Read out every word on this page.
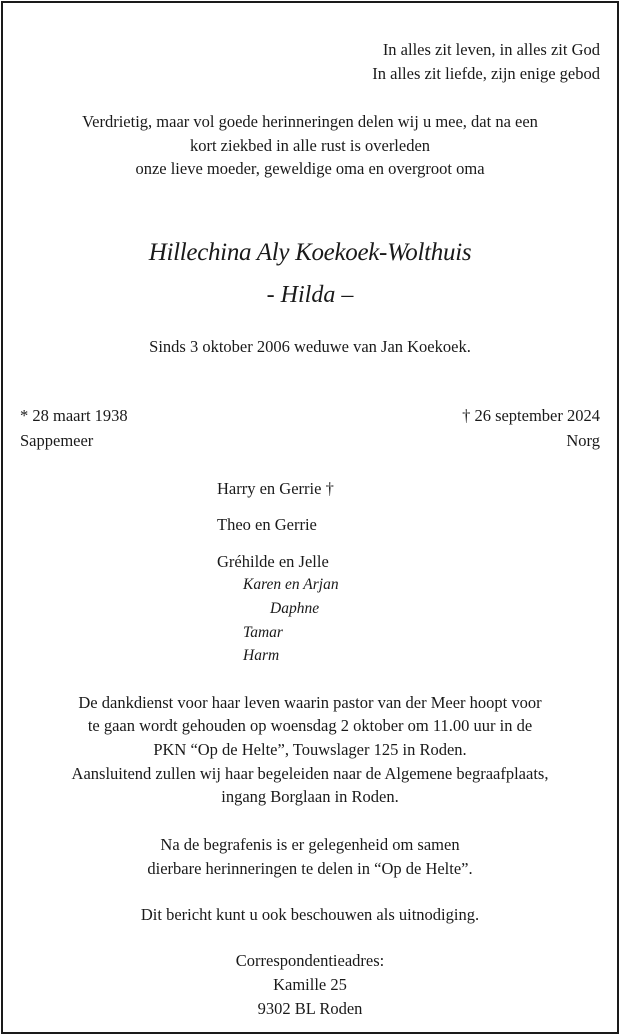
In alles zit leven, in alles zit God
In alles zit liefde, zijn enige gebod
Verdrietig, maar vol goede herinneringen delen wij u mee, dat na een
kort ziekbed in alle rust is overleden
onze lieve moeder, geweldige oma en overgroot oma
Hillechina Aly Koekoek-Wolthuis
- Hilda –
Sinds 3 oktober 2006 weduwe van Jan Koekoek.
* 28 maart 1938
Sappemeer
† 26 september 2024
Norg
Harry en Gerrie †
Theo en Gerrie
Gréhilde en Jelle
Karen en Arjan
Daphne
Tamar
Harm
De dankdienst voor haar leven waarin pastor van der Meer hoopt voor
te gaan wordt gehouden op woensdag 2 oktober om 11.00 uur in de
PKN “Op de Helte”, Touwslager 125 in Roden.
Aansluitend zullen wij haar begeleiden naar de Algemene begraafplaats,
ingang Borglaan in Roden.
Na de begrafenis is er gelegenheid om samen
dierbare herinneringen te delen in “Op de Helte”.
Dit bericht kunt u ook beschouwen als uitnodiging.
Correspondentieadres:
Kamille 25
9302 BL Roden
